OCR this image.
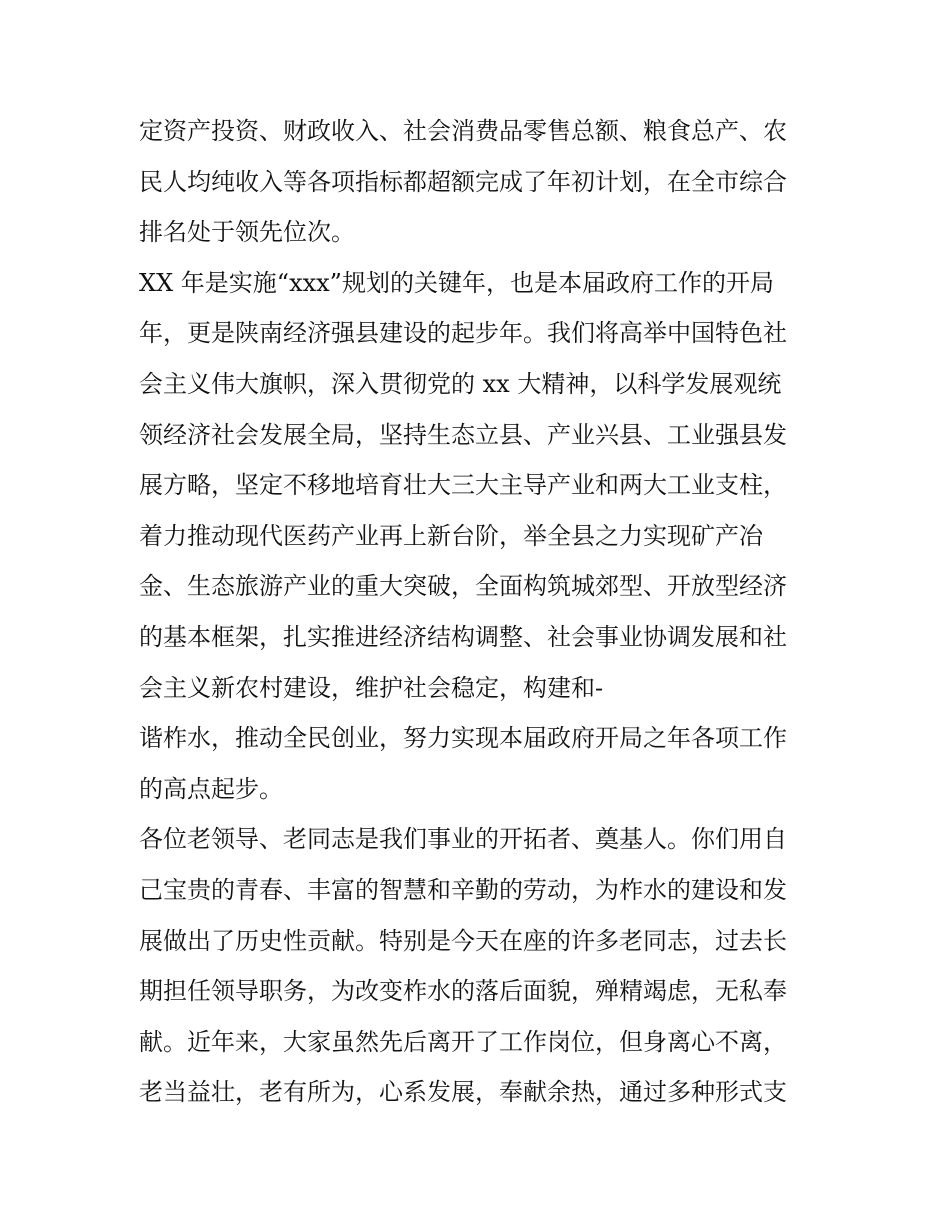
定资产投资、财政收入、社会消费品零售总额、粮食总产、农
民人均纯收入等各项指标都超额完成了年初计划，在全市综合
排名处于领先位次。
XX 年是实施“xxx”规划的关键年，也是本届政府工作的开局
年，更是陕南经济强县建设的起步年。我们将高举中国特色社
会主义伟大旗帜，深入贯彻党的 xx 大精神，以科学发展观统
领经济社会发展全局，坚持生态立县、产业兴县、工业强县发
展方略，坚定不移地培育壮大三大主导产业和两大工业支柱，
着力推动现代医药产业再上新台阶，举全县之力实现矿产冶
金、生态旅游产业的重大突破，全面构筑城郊型、开放型经济
的基本框架，扎实推进经济结构调整、社会事业协调发展和社
会主义新农村建设，维护社会稳定，构建和-
谐柞水，推动全民创业，努力实现本届政府开局之年各项工作
的高点起步。
各位老领导、老同志是我们事业的开拓者、奠基人。你们用自
己宝贵的青春、丰富的智慧和辛勤的劳动，为柞水的建设和发
展做出了历史性贡献。特别是今天在座的许多老同志，过去长
期担任领导职务，为改变柞水的落后面貌，殚精竭虑，无私奉
献。近年来，大家虽然先后离开了工作岗位，但身离心不离，
老当益壮，老有所为，心系发展，奉献余热，通过多种形式支
